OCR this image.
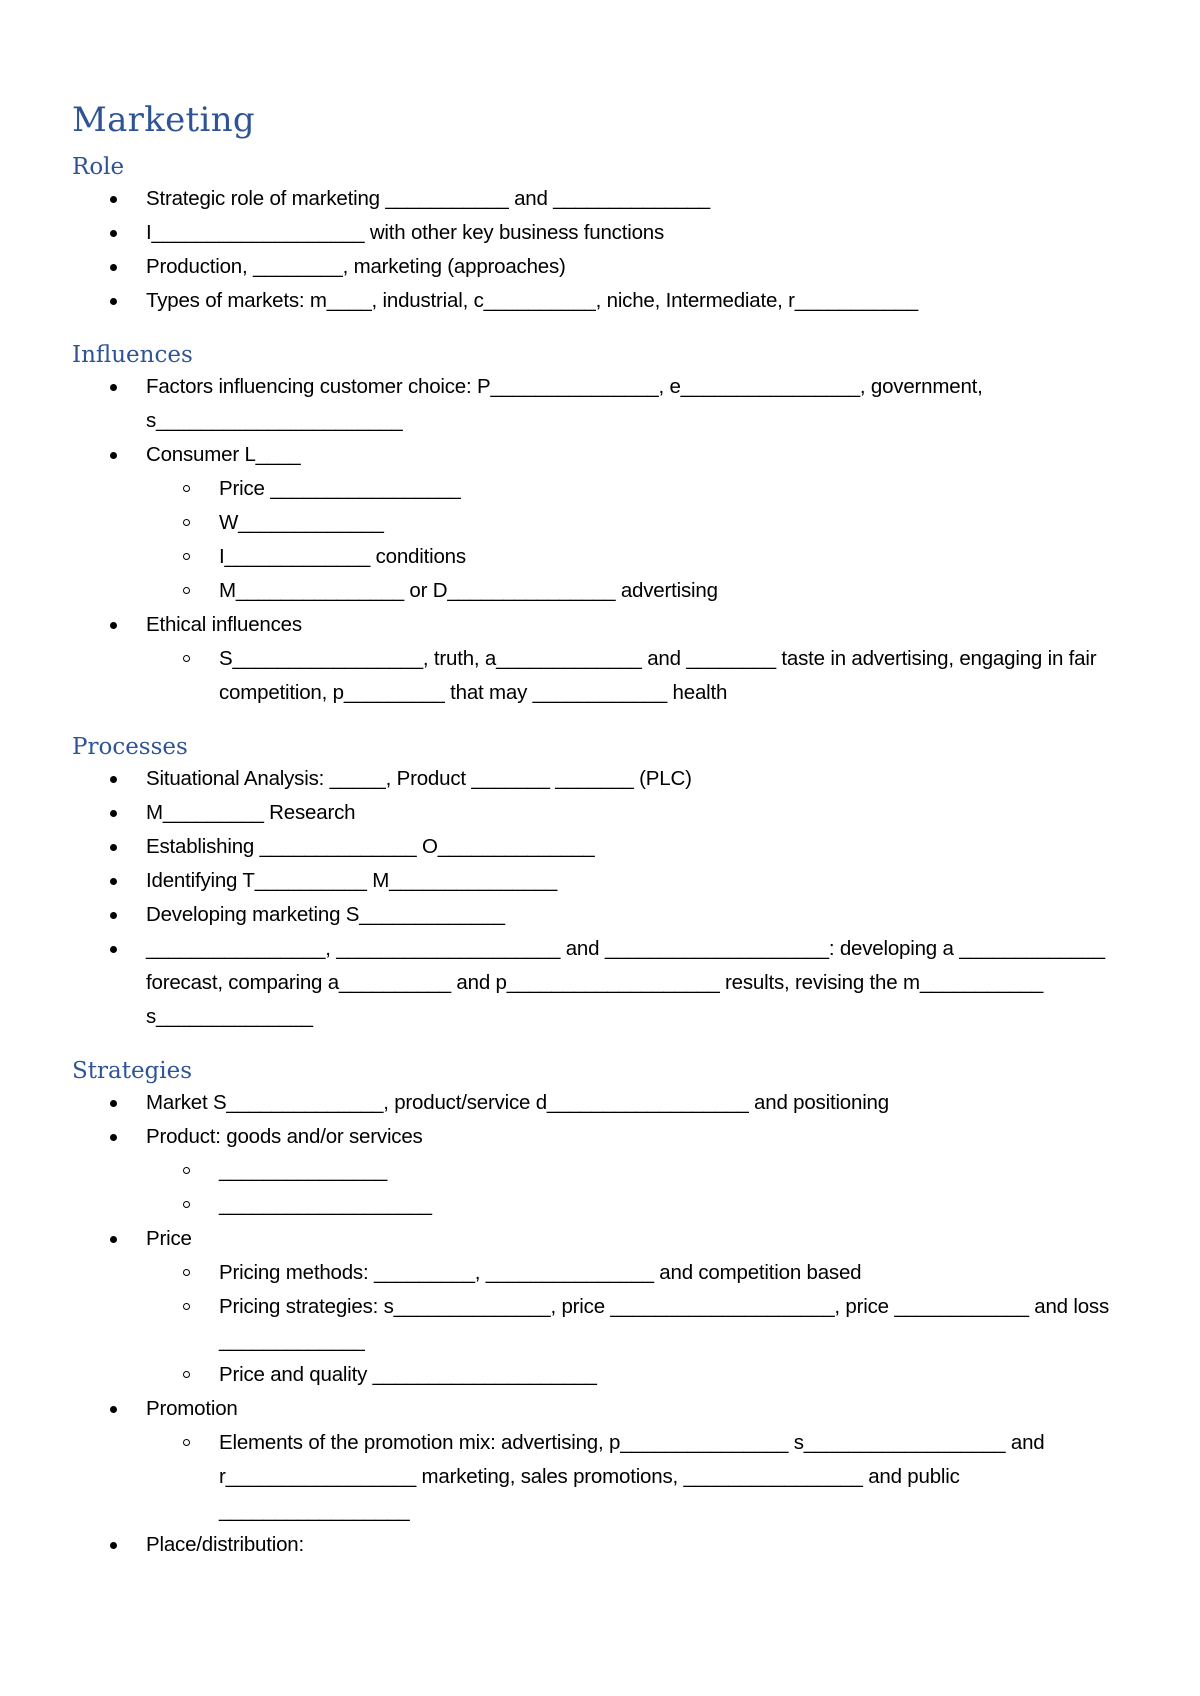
Marketing
Role
Strategic role of marketing ___________ and ______________
I___________________ with other key business functions
Production, ________, marketing (approaches)
Types of markets: m____, industrial, c__________, niche, Intermediate, r___________
Influences
Factors influencing customer choice: P_______________, e________________, government, s______________________
Consumer L____
Price _________________
W_____________
I_____________ conditions
M_______________ or D_______________ advertising
Ethical influences
S_________________, truth, a_____________ and ________ taste in advertising, engaging in fair competition, p_________ that may ____________ health
Processes
Situational Analysis: _____, Product _______ _______ (PLC)
M_________ Research
Establishing ______________ O______________
Identifying T__________ M_______________
Developing marketing S_____________
________________, ____________________ and ____________________: developing a _____________ forecast, comparing a__________ and p___________________ results, revising the m___________ s______________
Strategies
Market S______________, product/service d__________________ and positioning
Product: goods and/or services
_______________
___________________
Price
Pricing methods: _________, _______________ and competition based
Pricing strategies: s______________, price ____________________, price ____________ and loss _____________
Price and quality ____________________
Promotion
Elements of the promotion mix: advertising, p_______________ s__________________ and r_________________ marketing, sales promotions, ________________ and public _________________
Place/distribution:
